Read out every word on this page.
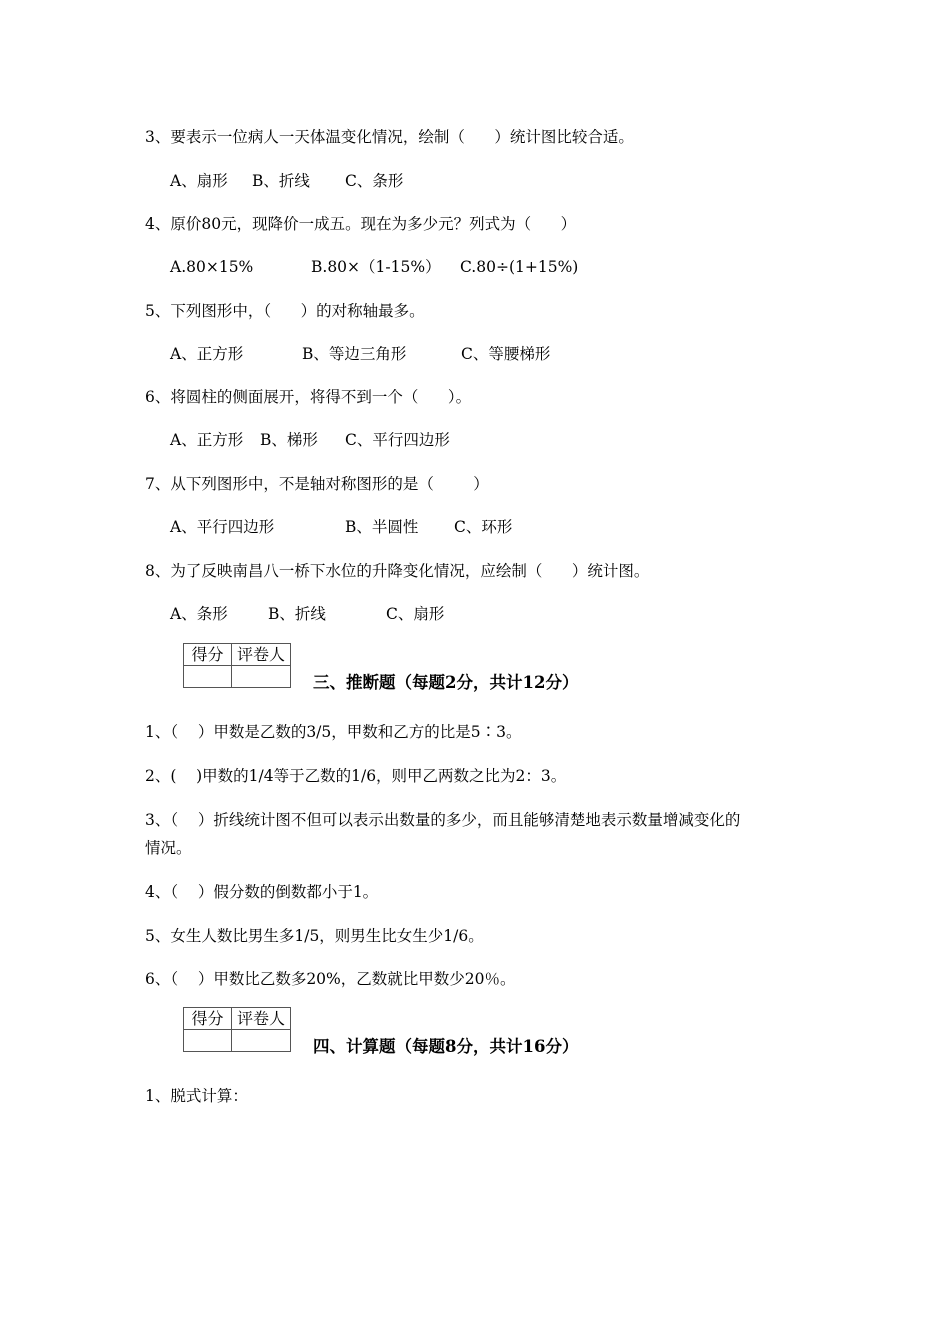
3、要表示一位病人一天体温变化情况，绘制（      ）统计图比较合适。
A、扇形 B、折线 C、条形
4、原价80元，现降价一成五。现在为多少元？列式为（      ）
A.80×15%	B.80×（1-15%） C.80÷(1+15%)
5、下列图形中，（      ）的对称轴最多。
A、正方形	B、等边三角形	C、等腰梯形
6、将圆柱的侧面展开，将得不到一个（      ）。
A、正方形 B、梯形 C、平行四边形
7、从下列图形中，不是轴对称图形的是（        ）
A、平行四边形	B、半圆性 C、环形
8、为了反映南昌八一桥下水位的升降变化情况，应绘制（      ）统计图。
A、条形	B、折线	C、扇形
得分	评卷人

三、推断题（每题2分，共计12分）
1、（    ）甲数是乙数的3/5，甲数和乙方的比是5∶3。
2、(    )甲数的1/4等于乙数的1/6，则甲乙两数之比为2：3。
3、（    ）折线统计图不但可以表示出数量的多少，而且能够清楚地表示数量增减变化的
情况。
4、（    ）假分数的倒数都小于1。
5、女生人数比男生多1/5，则男生比女生少1/6。
6、（    ）甲数比乙数多20%，乙数就比甲数少20％。
得分	评卷人

四、计算题（每题8分，共计16分）
1、脱式计算：
